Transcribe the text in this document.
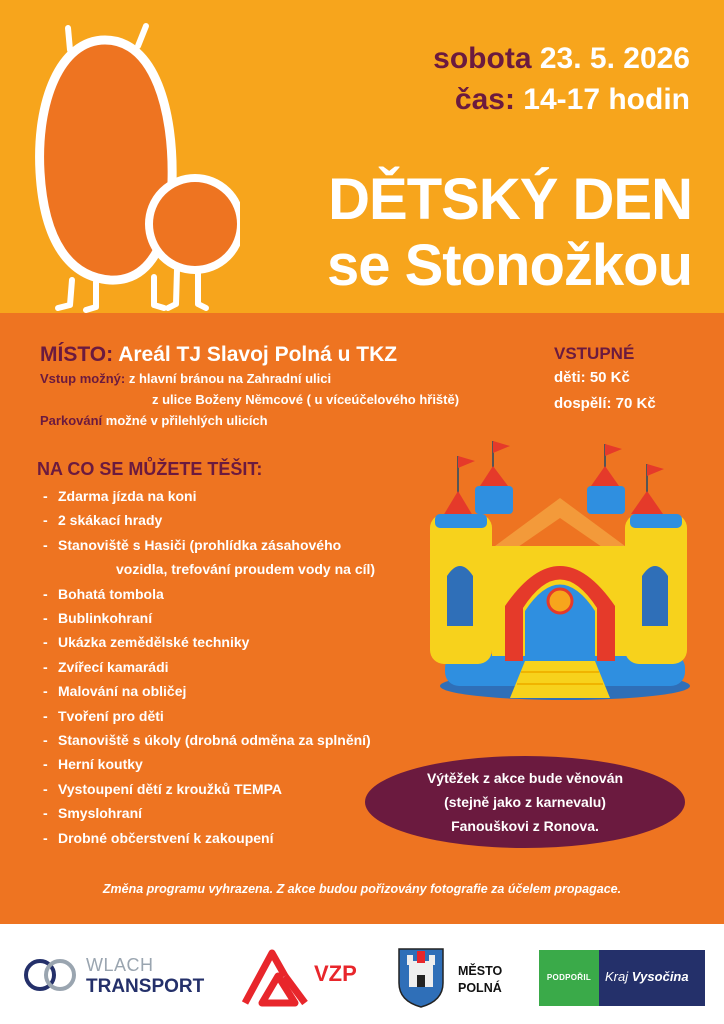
sobota 23. 5. 2026
čas: 14-17 hodin
DĚTSKÝ DEN
se Stonožkou
MÍSTO: Areál TJ Slavoj Polná u TKZ
Vstup možný: z hlavní bránou na Zahradní ulici
z ulice Boženy Němcové ( u víceúčelového hřiště)
Parkování možné v přilehlých ulicích
VSTUPNÉ
děti: 50 Kč
dospělí: 70 Kč
NA CO SE MŮŽETE TĚŠIT:
- Zdarma jízda na koni
- 2 skákací hrady
- Stanoviště s Hasiči (prohlídka zásahového
vozidla, trefování proudem vody na cíl)
- Bohatá tombola
- Bublinkohraní
- Ukázka zemědělské techniky
- Zvířecí kamarádi
- Malování na obličej
- Tvoření pro děti
- Stanoviště s úkoly (drobná odměna za splnění)
- Herní koutky
- Vystoupení dětí z kroužků TEMPA
- Smyslohraní
- Drobné občerstvení k zakoupení
Výtěžek z akce bude věnován
(stejně jako z karnevalu)
Fanouškovi z Ronova.
Změna programu vyhrazena. Z akce budou pořizovány fotografie za účelem propagace.
WLACH
TRANSPORT
VZP	MĚSTO
POLNÁ
PODPOŘIL	Kraj Vysočina
